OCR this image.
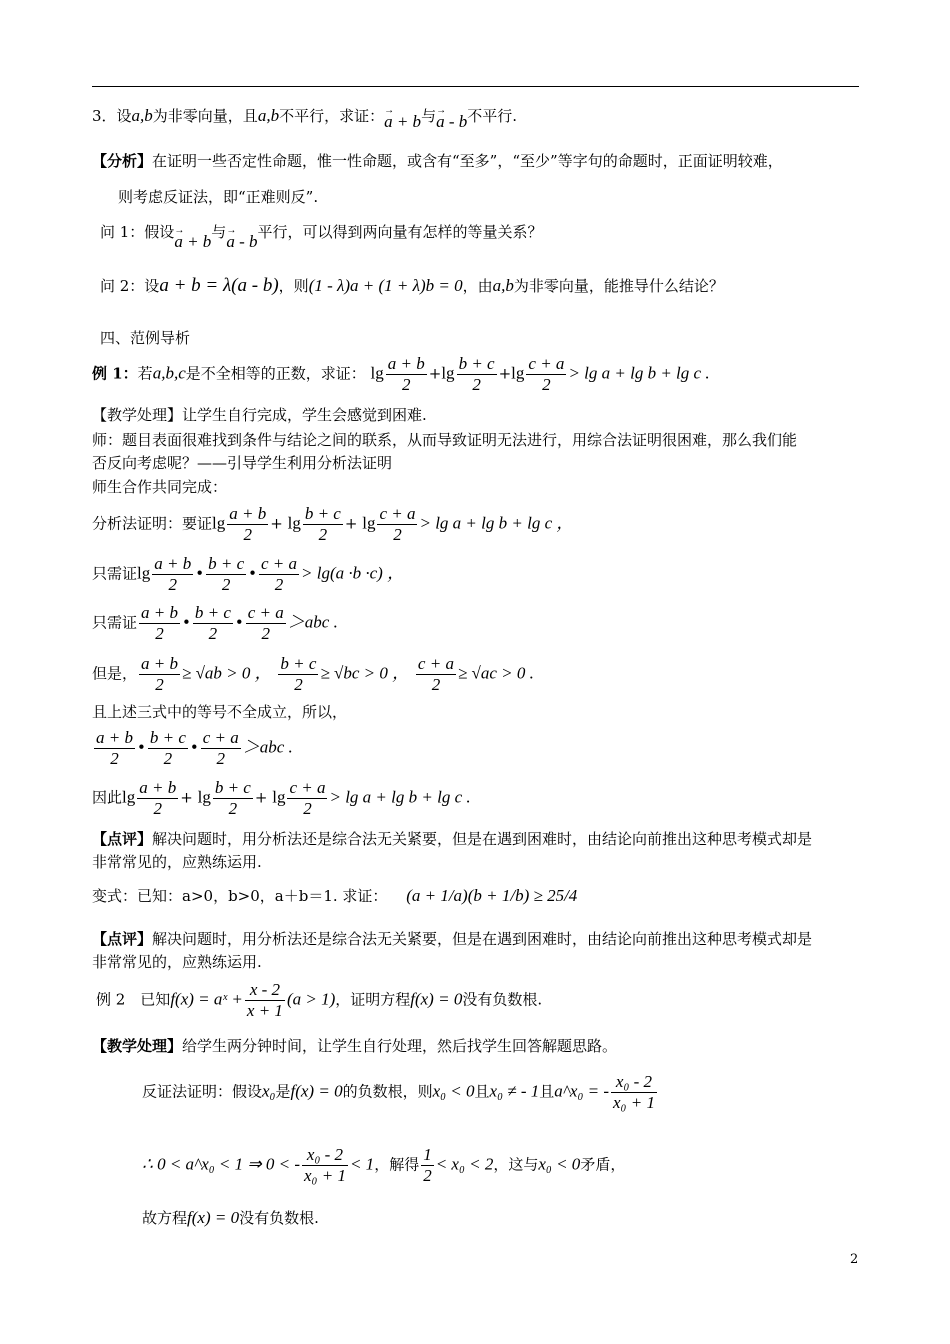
3．设a,b为非零向量，且a,b不平行，求证：→ a + b与→ a - b不平行.
【分析】在证明一些否定性命题，惟一性命题，或含有“至多”，“至少”等字句的命题时，正面证明较难，
则考虑反证法，即“正难则反”.
问 1：假设→ a + b与→ a - b平行，可以得到两向量有怎样的等量关系？
问 2：设a + b = λ(a - b)，则(1 - λ)a + (1 + λ)b = 0，由a,b为非零向量，能推导什么结论？
四、范例导析
例 1：若a,b,c是不全相等的正数，求证： $\lg \frac{a + b}{2} +\lg \frac{b + c}{2} +\lg \frac{c + a}{2} > \lg a + \lg b + \lg c$ .
【教学处理】让学生自行完成，学生会感觉到困难.
师：题目表面很难找到条件与结论之间的联系，从而导致证明无法进行，用综合法证明很困难，那么我们能
否反向考虑呢？——引导学生利用分析法证明
师生合作共同完成：
分析法证明：要证$\lg \frac{a + b}{2} + \lg \frac{b + c}{2} + \lg \frac{c + a}{2} > \lg a + \lg b + \lg c$ ，
只需证$\lg \frac{a + b}{2}$ • $\frac{b + c}{2}$ • $\frac{c + a}{2} > \lg(a \cdot b \cdot c)$ ，
只需证 $\frac{a + b}{2}$ • $\frac{b + c}{2}$ • $\frac{c + a}{2} >abc$ .
但是， $\frac{a + b}{2} \ge √ab > 0$ ， $\frac{b + c}{2} \ge √bc > 0$ ， $\frac{c + a}{2} \ge √ac > 0$ .
且上述三式中的等号不全成立，所以，
$\frac{a + b}{2}$ • $\frac{b + c}{2}$ • $\frac{c + a}{2} >abc$ .
因此$\lg \frac{a + b}{2} + \lg \frac{b + c}{2} + \lg \frac{c + a}{2} > \lg a + \lg b + \lg c$ .
【点评】解决问题时，用分析法还是综合法无关紧要，但是在遇到困难时，由结论向前推出这种思考模式却是
非常常见的，应熟练运用.
变式：已知：a>0，b>0，a＋b＝1. 求证： (a + 1/a)(b + 1/b) ≥ 25/4
【点评】解决问题时，用分析法还是综合法无关紧要，但是在遇到困难时，由结论向前推出这种思考模式却是
非常常见的，应熟练运用.
例 2　已知f(x) = aˣ + $\frac{x - 2}{x + 1} (a > 1)$，证明方程f(x) = 0没有负数根.
【教学处理】给学生两分钟时间，让学生自行处理，然后找学生回答解题思路。
反证法证明：假设x₀是f(x) = 0的负数根，则x₀ < 0且x₀ ≠ - 1且a^x₀ = - $\frac{\text{x₀ - 2}}{\text{x₀ + 1}}$
∴ 0 < a^x₀ < 1 ⇒ 0 < - $\frac{\text{x₀ - 2}}{\text{x₀ + 1}} < 1$，解得 $\frac{1}{2} < x_0 < 2$，这与x₀ < 0矛盾，
故方程f(x) = 0没有负数根.
2
